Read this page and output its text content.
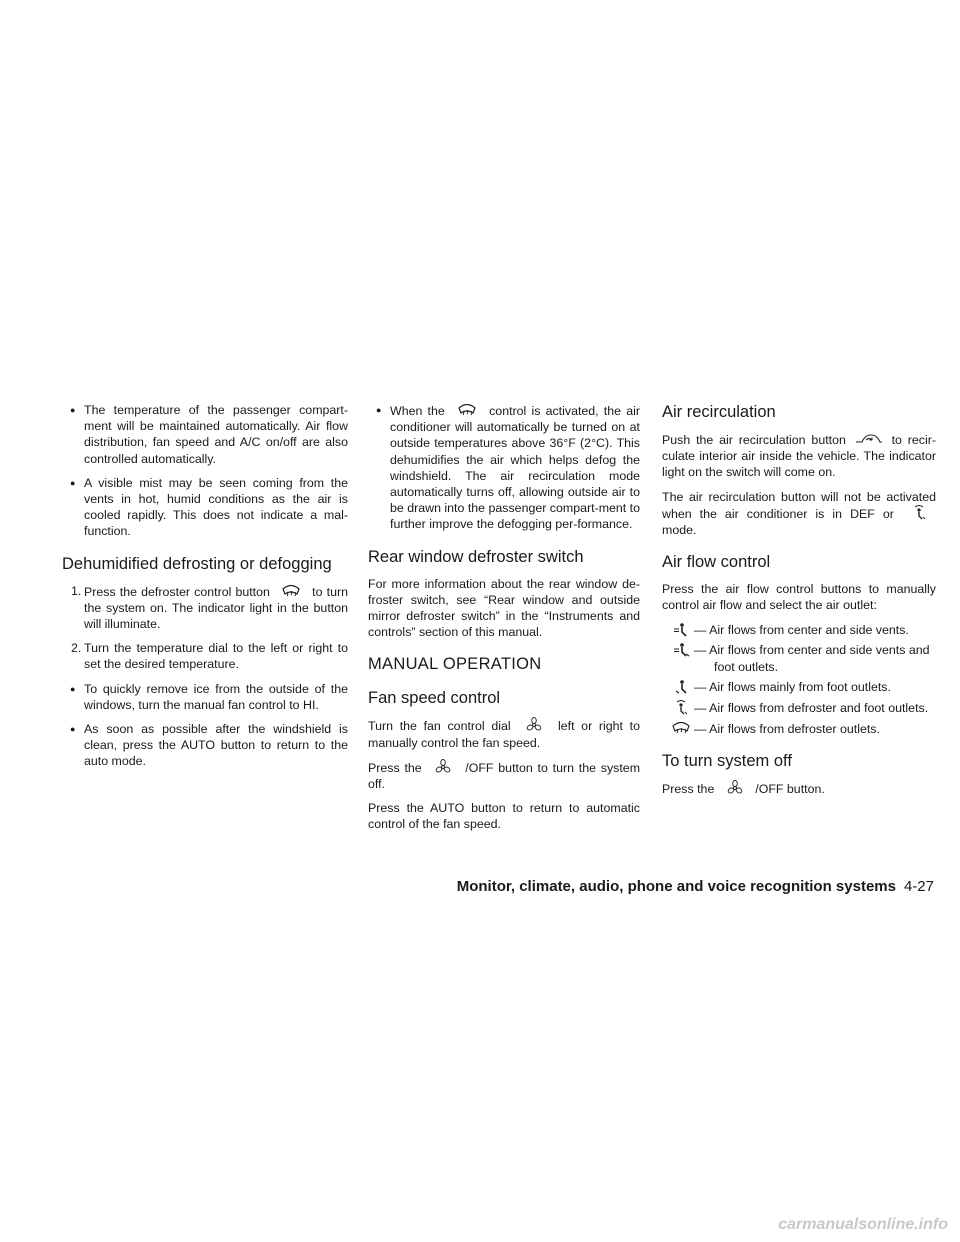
● The temperature of the passenger compart-ment will be maintained automatically. Air flow distribution, fan speed and A/C on/off are also controlled automatically.

● A visible mist may be seen coming from the vents in hot, humid conditions as the air is cooled rapidly. This does not indicate a mal-function.

Dehumidified defrosting or defogging

1. Press the defroster control button	to turn the system on. The indicator light in the button will illuminate.

2. Turn the temperature dial to the left or right to set the desired temperature.

● To quickly remove ice from the outside of the windows, turn the manual fan control to HI.

● As soon as possible after the windshield is clean, press the AUTO button to return to the auto mode.

● When the	control is activated, the air conditioner will automatically be turned on at outside temperatures above 36°F (2°C). This dehumidifies the air which helps defog the windshield. The air recirculation mode automatically turns off, allowing outside air to be drawn into the passenger compart-ment to further improve the defogging per-formance.

Rear window defroster switch

For more information about the rear window de-froster switch, see “Rear window and outside mirror defroster switch” in the “Instruments and controls” section of this manual.

MANUAL OPERATION
Fan speed control

Turn the fan control dial	left or right to manually control the fan speed.

Press the	/OFF button to turn the system off.

Press the AUTO button to return to automatic control of the fan speed.

Air recirculation

Push the air recirculation button	to recir-culate interior air inside the vehicle. The indicator light on the switch will come on.

The air recirculation button will not be activated when the air conditioner is in DEF or  mode.

Air flow control

Press the air flow control buttons to manually control air flow and select the air outlet:

— Air flows from center and side vents.
— Air flows from center and side vents and foot outlets.
— Air flows mainly from foot outlets.
— Air flows from defroster and foot outlets.
— Air flows from defroster outlets.
To turn system off

Press the	/OFF button.

Monitor, climate, audio, phone and voice recognition systems 4-27
carmanualsonline.info
